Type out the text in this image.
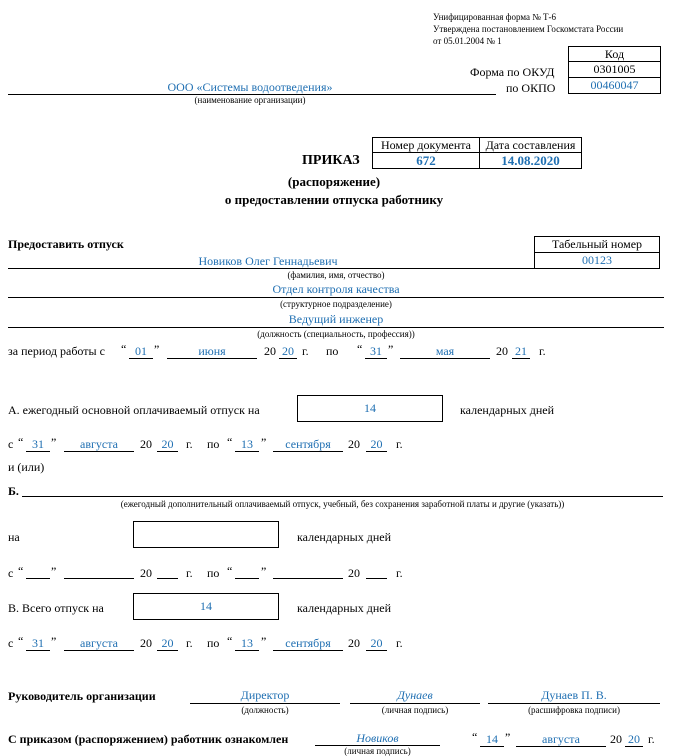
Унифицированная форма № Т-6
Утверждена постановлением Госкомстата России
от 05.01.2004 № 1
Код
Форма по ОКУД	0301005
по ОКПО	00460047
ООО «Системы водоотведения»
(наименование организации)
Номер документа	Дата составления
672	14.08.2020
ПРИКАЗ
(распоряжение)
о предоставлении отпуска работнику
Предоставить отпуск	Табельный номер
00123
Новиков Олег Геннадьевич
(фамилия, имя, отчество)
Отдел контроля качества
(структурное подразделение)
Ведущий инженер
(должность (специальность, профессия))
за период работы с “ 01 ”	июня	20 20 г. по “ 31 ”	мая	20 21 г.
А. ежегодный основной оплачиваемый отпуск на	14	календарных дней
с “ 31 ”	августа	20 20	г. по “ 13 ”	сентября	20 20	г.
и (или)
Б.
(ежегодный дополнительный оплачиваемый отпуск, учебный, без сохранения заработной платы и другие (указать))
на	календарных дней
с “ ”	20	г. по “ ”	20	г.
В. Всего отпуск на	14	календарных дней
с “ 31 ”	августа	20 20	г. по “ 13 ”	сентября	20 20	г.
Руководитель организации	Директор
(должность)
Дунаев
(личная подпись)
Дунаев П. В.
(расшифровка подписи)
С приказом (распоряжением) работник ознакомлен	Новиков
(личная подпись)
“ 14 ”	августа	20 20 г.
